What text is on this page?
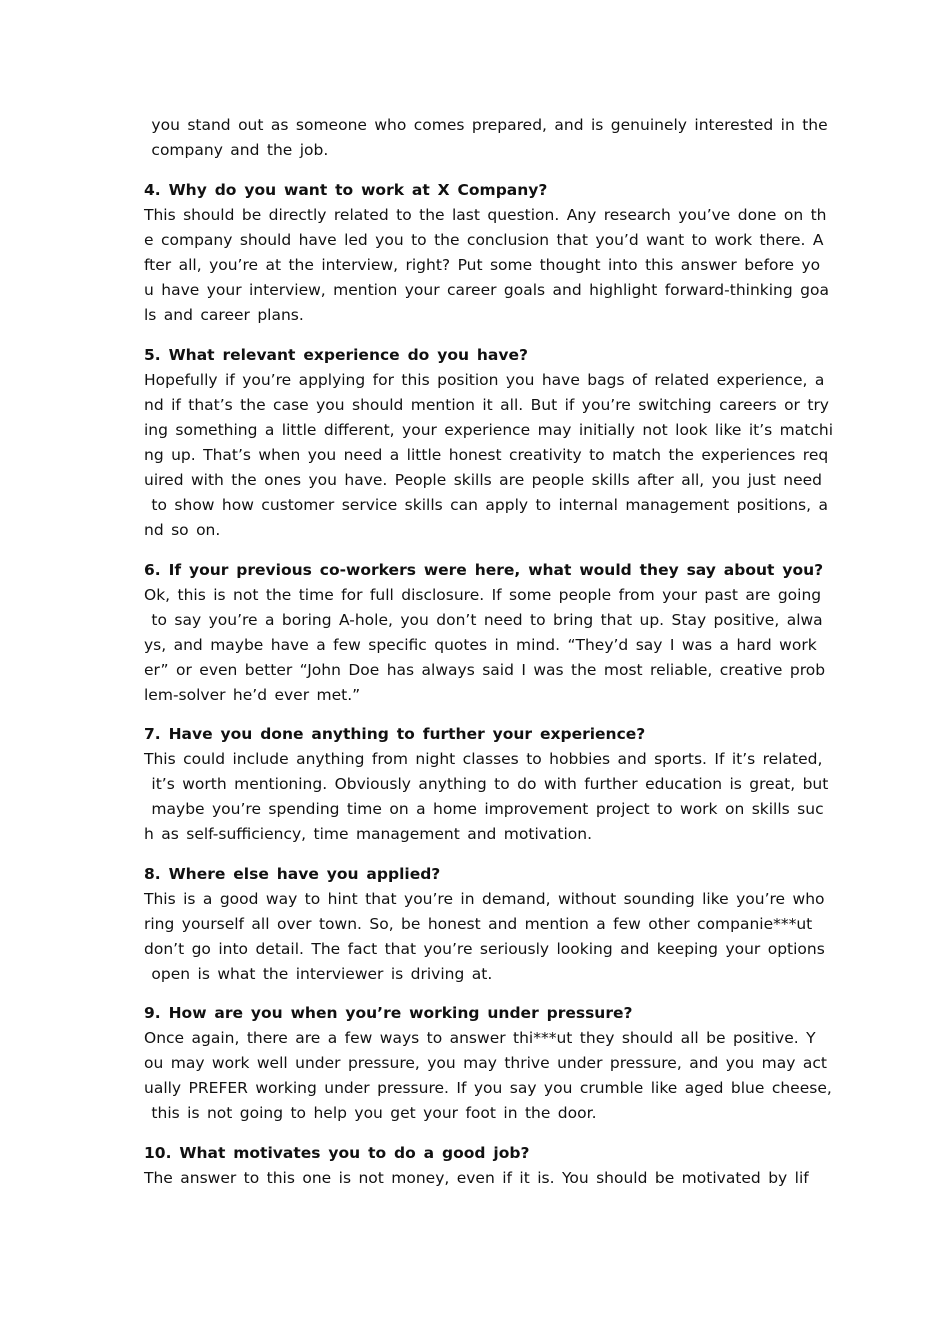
you stand out as someone who comes prepared, and is genuinely interested in the
company and the job.
4. Why do you want to work at X Company?
This should be directly related to the last question. Any research you’ve done on th
e company should have led you to the conclusion that you’d want to work there. A
fter all, you’re at the interview, right? Put some thought into this answer before yo
u have your interview, mention your career goals and highlight forward-thinking goa
ls and career plans.
5. What relevant experience do you have?
Hopefully if you’re applying for this position you have bags of related experience, a
nd if that’s the case you should mention it all. But if you’re switching careers or try
ing something a little different, your experience may initially not look like it’s matchi
ng up. That’s when you need a little honest creativity to match the experiences req
uired with the ones you have. People skills are people skills after all, you just need
to show how customer service skills can apply to internal management positions, a
nd so on.
6. If your previous co-workers were here, what would they say about you?
Ok, this is not the time for full disclosure. If some people from your past are going
to say you’re a boring A-hole, you don’t need to bring that up. Stay positive, alwa
ys, and maybe have a few specific quotes in mind. “They’d say I was a hard work
er” or even better “John Doe has always said I was the most reliable, creative prob
lem-solver he’d ever met.”
7. Have you done anything to further your experience?
This could include anything from night classes to hobbies and sports. If it’s related,
it’s worth mentioning. Obviously anything to do with further education is great, but
maybe you’re spending time on a home improvement project to work on skills suc
h as self-sufficiency, time management and motivation.
8. Where else have you applied?
This is a good way to hint that you’re in demand, without sounding like you’re who
ring yourself all over town. So, be honest and mention a few other companie***ut
don’t go into detail. The fact that you’re seriously looking and keeping your options
open is what the interviewer is driving at.
9. How are you when you’re working under pressure?
Once again, there are a few ways to answer thi***ut they should all be positive. Y
ou may work well under pressure, you may thrive under pressure, and you may act
ually PREFER working under pressure. If you say you crumble like aged blue cheese,
this is not going to help you get your foot in the door.
10. What motivates you to do a good job?
The answer to this one is not money, even if it is. You should be motivated by lif
